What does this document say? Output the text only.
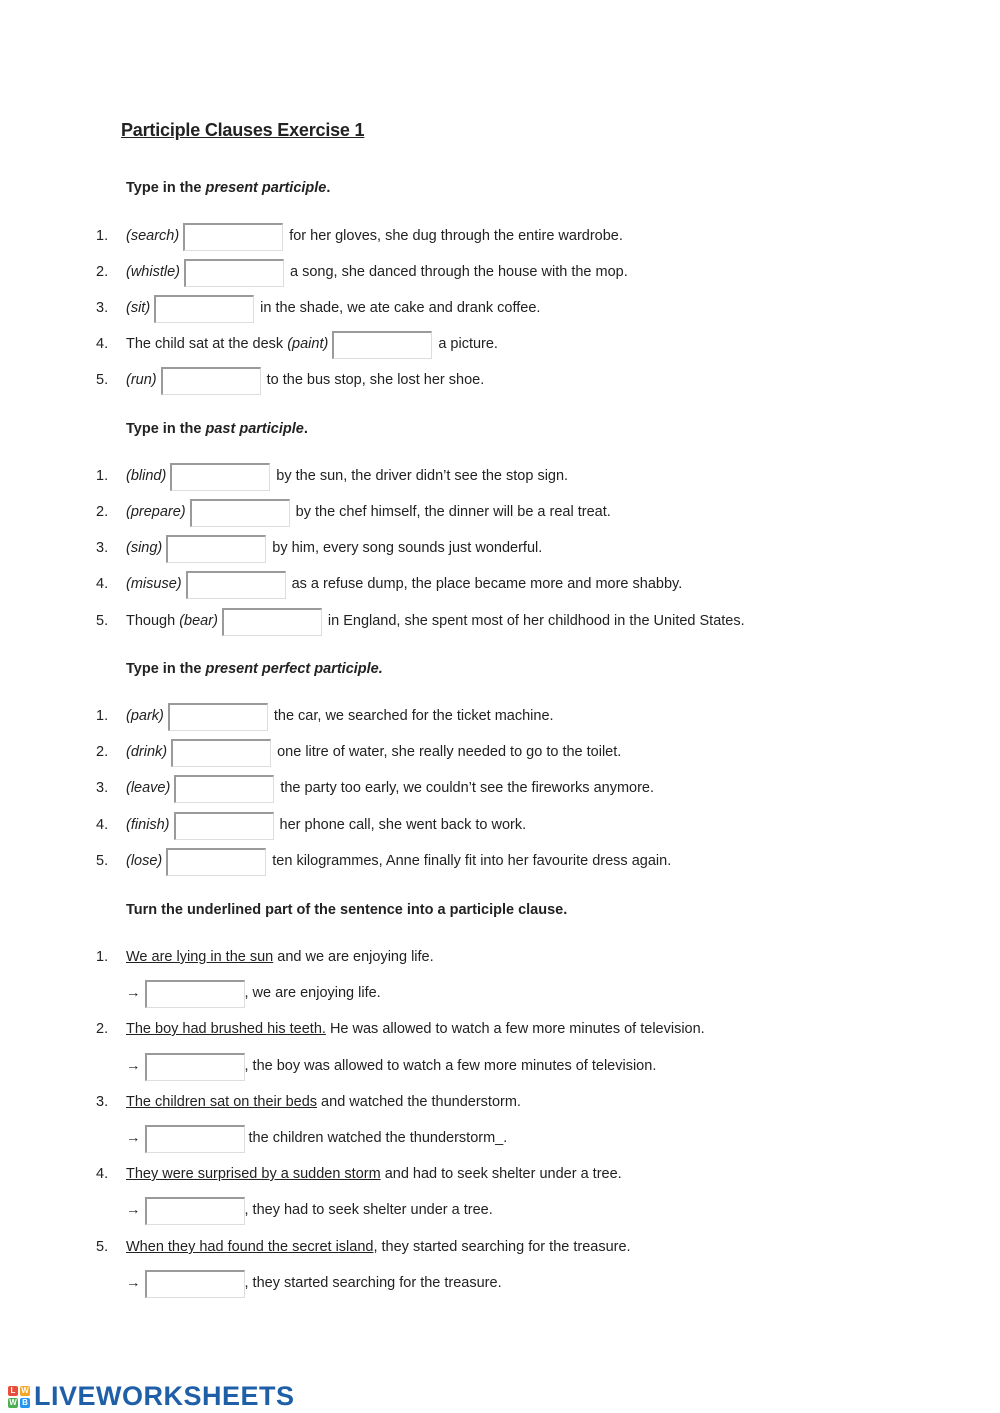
Participle Clauses Exercise 1

Type in the present participle.

1. (search)	for her gloves, she dug through the entire wardrobe.
2. (whistle)	a song, she danced through the house with the mop.
3. (sit)	in the shade, we ate cake and drank coffee.
4. The child sat at the desk (paint)	a picture.
5. (run)	to the bus stop, she lost her shoe.

Type in the past participle.

1. (blind)	by the sun, the driver didn’t see the stop sign.
2. (prepare)	by the chef himself, the dinner will be a real treat.
3. (sing)	by him, every song sounds just wonderful.
4. (misuse)	as a refuse dump, the place became more and more shabby.
5. Though (bear)	in England, she spent most of her childhood in the United States.

Type in the present perfect participle.

1. (park)	the car, we searched for the ticket machine.
2. (drink)	one litre of water, she really needed to go to the toilet.
3. (leave)	the party too early, we couldn’t see the fireworks anymore.
4. (finish)	her phone call, she went back to work.
5. (lose)	ten kilogrammes, Anne finally fit into her favourite dress again.

Turn the underlined part of the sentence into a participle clause.

1. We are lying in the sun and we are enjoying life.
→	, we are enjoying life.
2. The boy had brushed his teeth. He was allowed to watch a few more minutes of television.
→	, the boy was allowed to watch a few more minutes of television.
3. The children sat on their beds and watched the thunderstorm.
→	the children watched the thunderstorm_.
4. They were surprised by a sudden storm and had to seek shelter under a tree.
→	, they had to seek shelter under a tree.
5. When they had found the secret island , they started searching for the treasure.
→	, they started searching for the treasure.
L W
W B LIVEWORKSHEETS
